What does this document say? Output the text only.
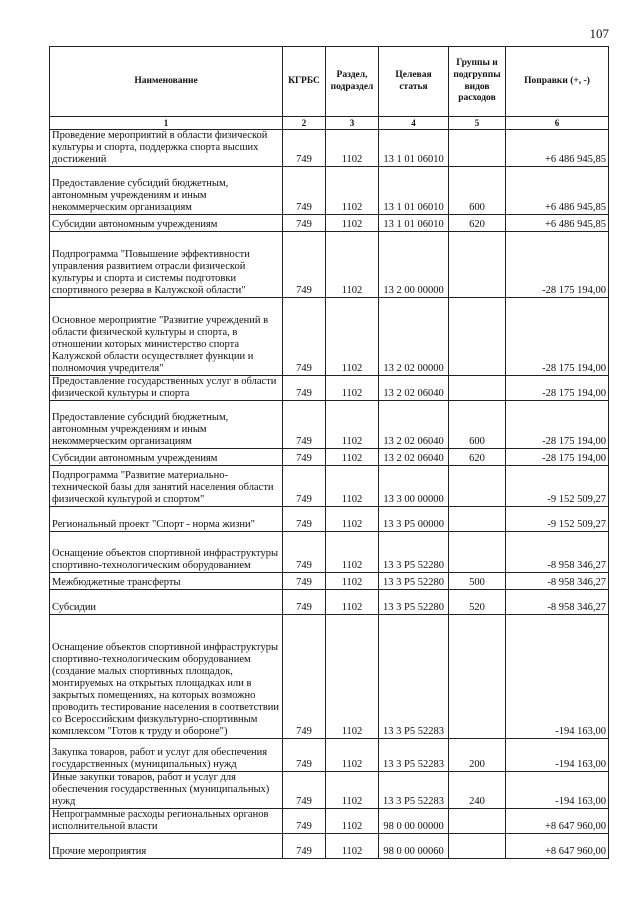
107
Наименование	КГРБС	Раздел, подраздел	Целевая статья	Группы и подгруппы видов расходов	Поправки (+, -)
1	2	3	4	5	6
Проведение мероприятий в области физической культуры и спорта, поддержка спорта высших достижений	749	1102	13 1 01 06010		+6 486 945,85
Предоставление субсидий бюджетным, автономным учреждениям и иным некоммерческим организациям	749	1102	13 1 01 06010	600	+6 486 945,85
Субсидии автономным учреждениям	749	1102	13 1 01 06010	620	+6 486 945,85
Подпрограмма "Повышение эффективности управления развитием отрасли физической культуры и спорта и системы подготовки спортивного резерва в Калужской области"	749	1102	13 2 00 00000		-28 175 194,00
Основное мероприятие "Развитие учреждений в области физической культуры и спорта, в отношении которых министерство спорта Калужской области осуществляет функции и полномочия учредителя"	749	1102	13 2 02 00000		-28 175 194,00
Предоставление государственных услуг в области физической культуры и спорта	749	1102	13 2 02 06040		-28 175 194,00
Предоставление субсидий бюджетным, автономным учреждениям и иным некоммерческим организациям	749	1102	13 2 02 06040	600	-28 175 194,00
Субсидии автономным учреждениям	749	1102	13 2 02 06040	620	-28 175 194,00
Подпрограмма "Развитие материально-технической базы для занятий населения области физической культурой и спортом"	749	1102	13 3 00 00000		-9 152 509,27
Региональный проект "Спорт - норма жизни"	749	1102	13 3 P5 00000		-9 152 509,27
Оснащение объектов спортивной инфраструктуры спортивно-технологическим оборудованием	749	1102	13 3 P5 52280		-8 958 346,27
Межбюджетные трансферты	749	1102	13 3 P5 52280	500	-8 958 346,27
Субсидии	749	1102	13 3 P5 52280	520	-8 958 346,27
Оснащение объектов спортивной инфраструктуры спортивно-технологическим оборудованием (создание малых спортивных площадок, монтируемых на открытых площадках или в закрытых помещениях, на которых возможно проводить тестирование населения в соответствии со Всероссийским физкультурно-спортивным комплексом "Готов к труду и обороне")	749	1102	13 3 P5 52283		-194 163,00
Закупка товаров, работ и услуг для обеспечения государственных (муниципальных) нужд	749	1102	13 3 P5 52283	200	-194 163,00
Иные закупки товаров, работ и услуг для обеспечения государственных (муниципальных) нужд	749	1102	13 3 P5 52283	240	-194 163,00
Непрограммные расходы региональных органов исполнительной власти	749	1102	98 0 00 00000		+8 647 960,00
Прочие мероприятия	749	1102	98 0 00 00060		+8 647 960,00
